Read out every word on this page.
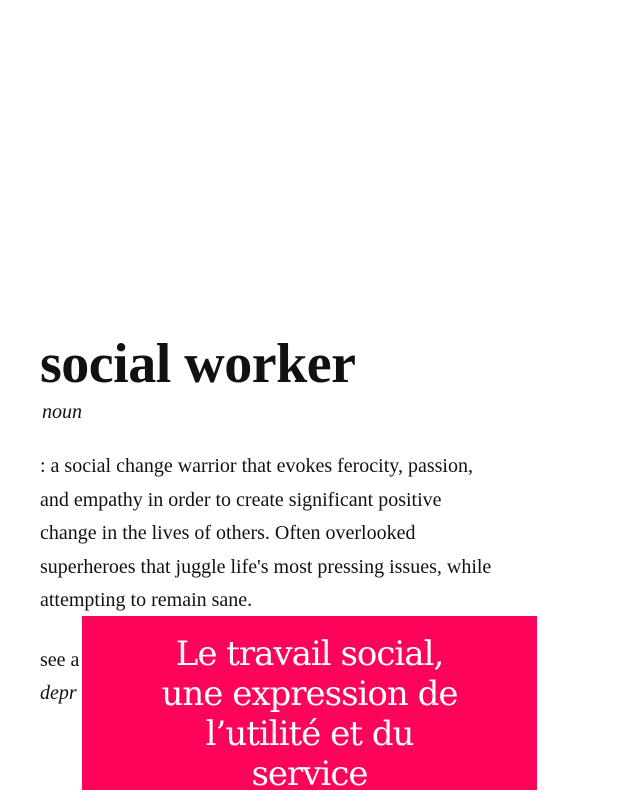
social worker
noun

: a social change warrior that evokes ferocity, passion,
and empathy in order to create significant positive
change in the lives of others. Often overlooked
superheroes that juggle life's most pressing issues, while
attempting to remain sane.

see a
depr
Le travail social,
une expression de
l’utilité et du
service
